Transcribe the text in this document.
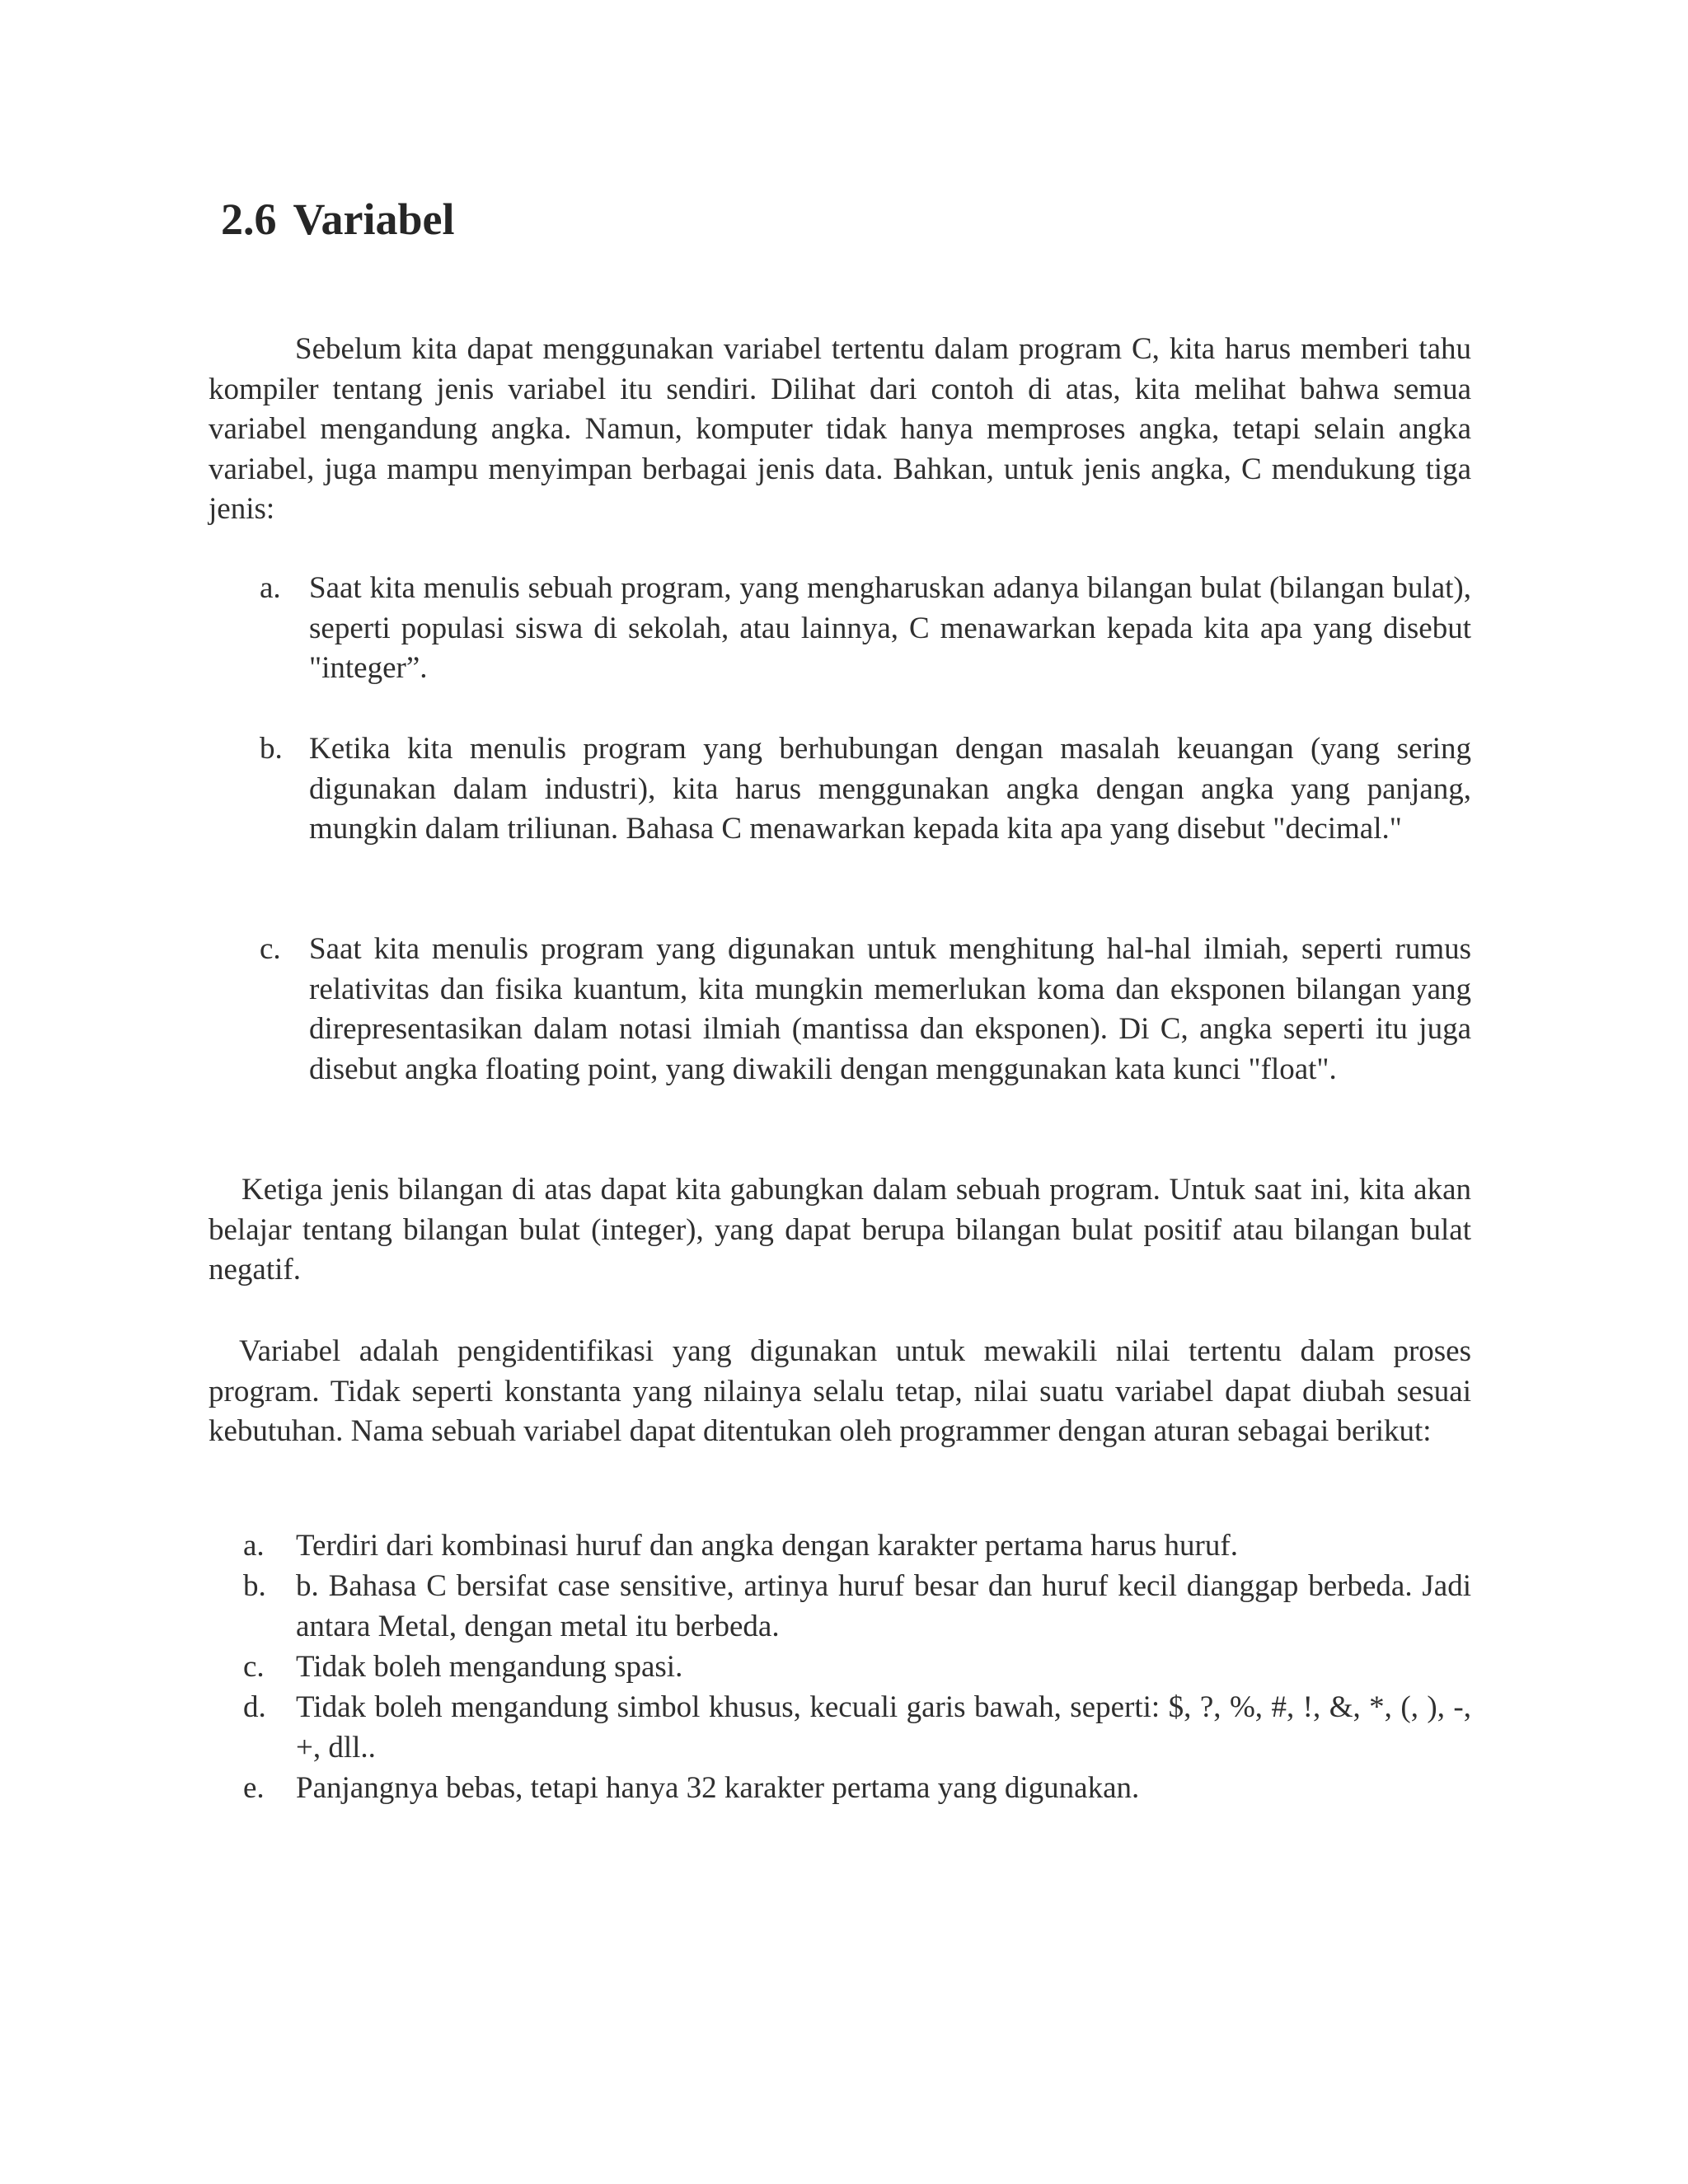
2.6 Variabel

Sebelum kita dapat menggunakan variabel tertentu dalam program C, kita harus memberi tahu kompiler tentang jenis variabel itu sendiri. Dilihat dari contoh di atas, kita melihat bahwa semua variabel mengandung angka. Namun, komputer tidak hanya memproses angka, tetapi selain angka variabel, juga mampu menyimpan berbagai jenis data. Bahkan, untuk jenis angka, C mendukung tiga jenis:

a. Saat kita menulis sebuah program, yang mengharuskan adanya bilangan bulat (bilangan bulat), seperti populasi siswa di sekolah, atau lainnya, C menawarkan kepada kita apa yang disebut "integer”.
b. Ketika kita menulis program yang berhubungan dengan masalah keuangan (yang sering digunakan dalam industri), kita harus menggunakan angka dengan angka yang panjang, mungkin dalam triliunan. Bahasa C menawarkan kepada kita apa yang disebut "decimal."
c. Saat kita menulis program yang digunakan untuk menghitung hal-hal ilmiah, seperti rumus relativitas dan fisika kuantum, kita mungkin memerlukan koma dan eksponen bilangan yang direpresentasikan dalam notasi ilmiah (mantissa dan eksponen). Di C, angka seperti itu juga disebut angka floating point, yang diwakili dengan menggunakan kata kunci "float".

Ketiga jenis bilangan di atas dapat kita gabungkan dalam sebuah program. Untuk saat ini, kita akan belajar tentang bilangan bulat (integer), yang dapat berupa bilangan bulat positif atau bilangan bulat negatif.

Variabel adalah pengidentifikasi yang digunakan untuk mewakili nilai tertentu dalam proses program. Tidak seperti konstanta yang nilainya selalu tetap, nilai suatu variabel dapat diubah sesuai kebutuhan. Nama sebuah variabel dapat ditentukan oleh programmer dengan aturan sebagai berikut:

a.	Terdiri dari kombinasi huruf dan angka dengan karakter pertama harus huruf.
b. b. Bahasa C bersifat case sensitive, artinya huruf besar dan huruf kecil dianggap berbeda. Jadi antara Metal, dengan metal itu berbeda.
c.	Tidak boleh mengandung spasi.
d. Tidak boleh mengandung simbol khusus, kecuali garis bawah, seperti: $, ?, %, #, !, &, *, (, ), -, +, dll..
e.	Panjangnya bebas, tetapi hanya 32 karakter pertama yang digunakan.
